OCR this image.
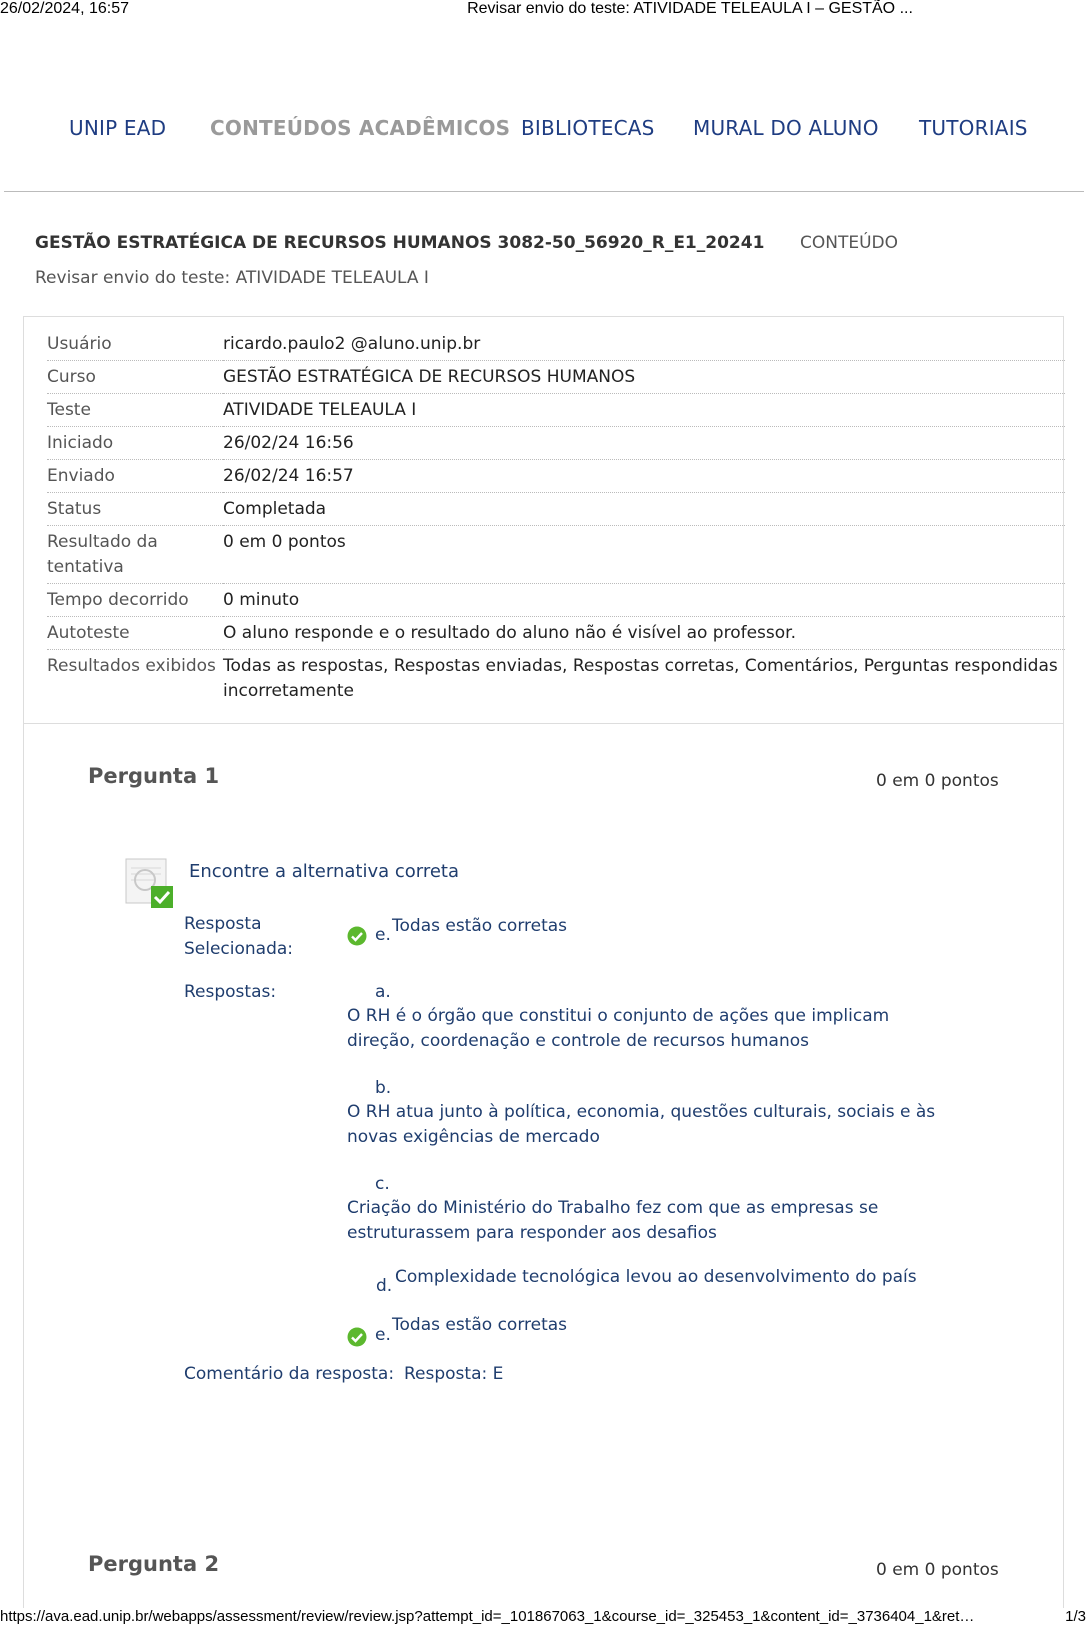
26/02/2024, 16:57	Revisar envio do teste: ATIVIDADE TELEAULA I – GESTÃO ...
UNIP EAD CONTEÚDOS ACADÊMICOS BIBLIOTECAS MURAL DO ALUNO TUTORIAIS
GESTÃO ESTRATÉGICA DE RECURSOS HUMANOS 3082-50_56920_R_E1_20241 CONTEÚDO
Revisar envio do teste: ATIVIDADE TELEAULA I
Usuário	ricardo.paulo2 @aluno.unip.br
Curso	GESTÃO ESTRATÉGICA DE RECURSOS HUMANOS
Teste	ATIVIDADE TELEAULA I
Iniciado	26/02/24 16:56
Enviado	26/02/24 16:57
Status	Completada
Resultado da tentativa	0 em 0 pontos
Tempo decorrido	0 minuto
Autoteste	O aluno responde e o resultado do aluno não é visível ao professor.
Resultados exibidos	Todas as respostas, Respostas enviadas, Respostas corretas, Comentários, Perguntas respondidas incorretamente
Pergunta 1	0 em 0 pontos
Encontre a alternativa correta
Resposta Selecionada:
e. Todas estão corretas
Respostas:	a.
O RH é o órgão que constitui o conjunto de ações que implicam direção, coordenação e controle de recursos humanos
b.
O RH atua junto à política, economia, questões culturais, sociais e às novas exigências de mercado
c.
Criação do Ministério do Trabalho fez com que as empresas se estruturassem para responder aos desafios
d. Complexidade tecnológica levou ao desenvolvimento do país
e. Todas estão corretas
Comentário da resposta: Resposta: E
Pergunta 2	0 em 0 pontos
https://ava.ead.unip.br/webapps/assessment/review/review.jsp?attempt_id=_101867063_1&course_id=_325453_1&content_id=_3736404_1&ret…	1/3
